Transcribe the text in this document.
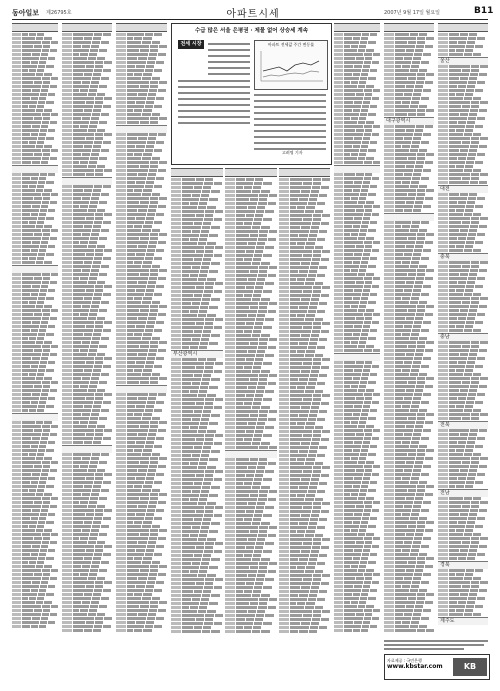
동아일보 제26795호	아파트시세	2007년 9월 17일 월요일	B11
부산광역시
대구광역시
울산
대전
충북
충남
전북
전남
경북
제주도
수급 많은 서울 은평권 · 제물 없어 상승세 계속
전세 시장	아파트 전세값 주간 변동률
고려명 기자
자료제공 : 국민은행
www.kbstar.com	KB
